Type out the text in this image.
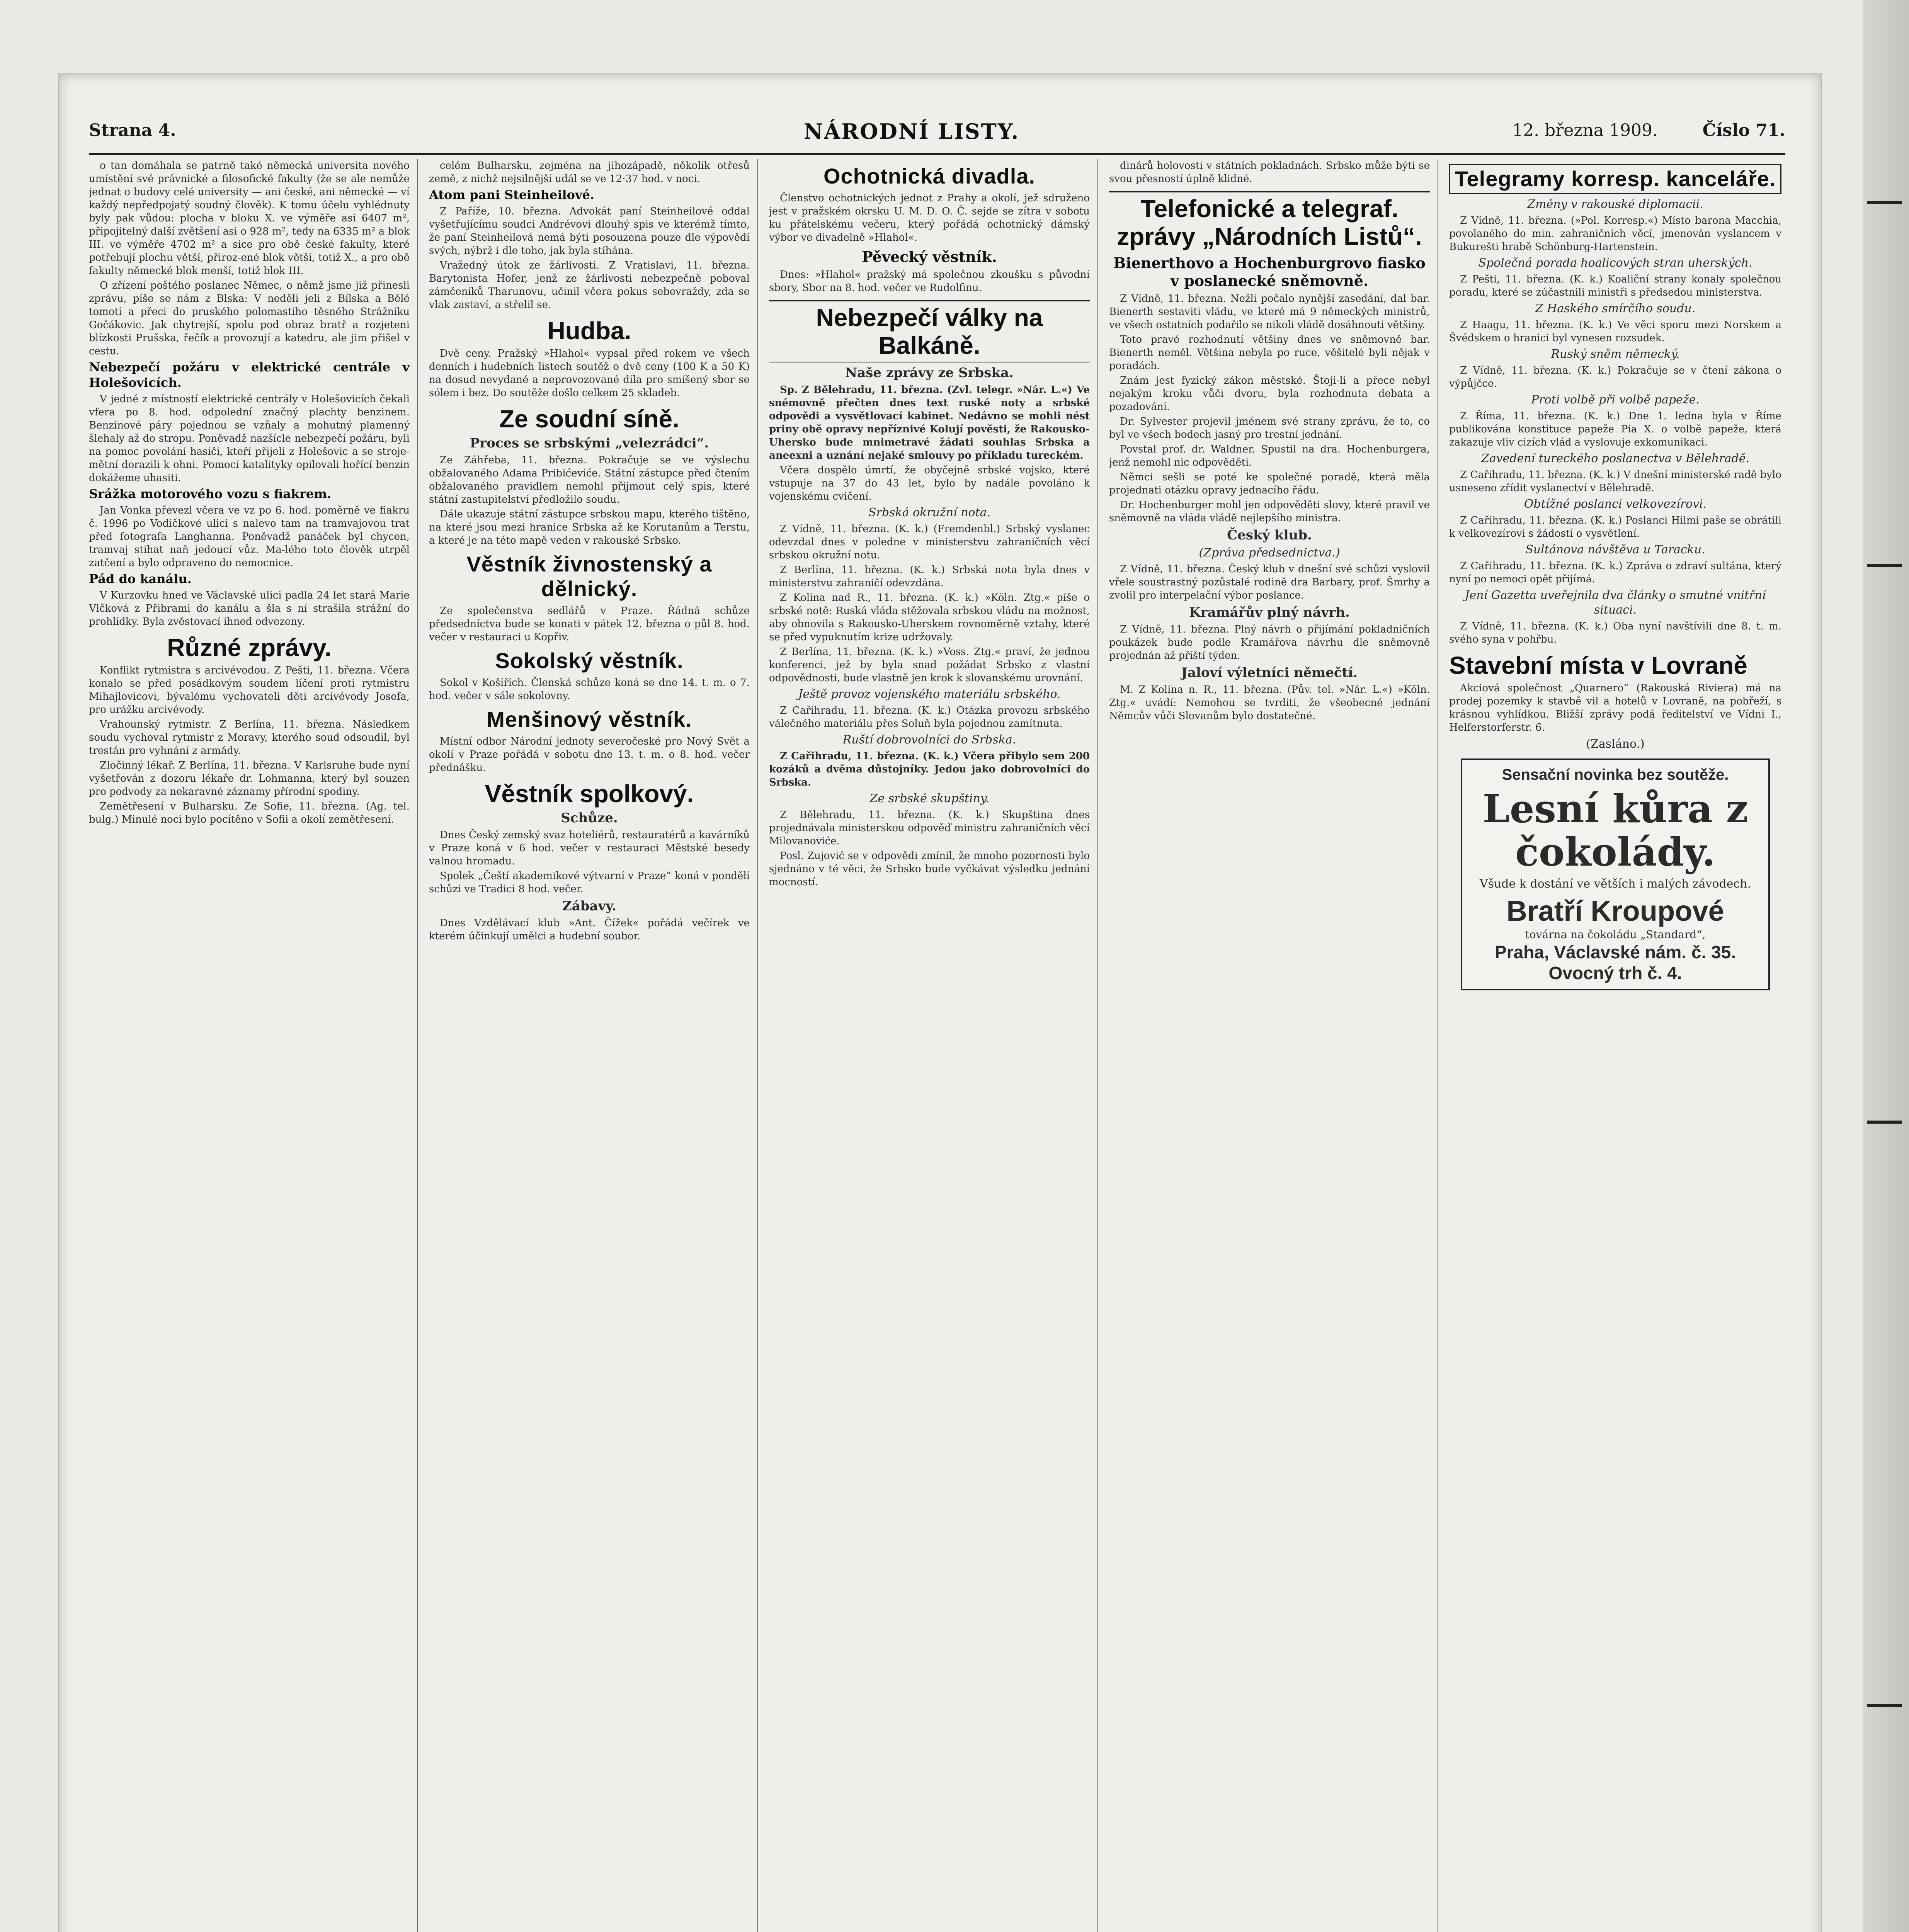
Strana 4.	NÁRODNÍ LISTY.	12. března 1909.	Číslo 71.

o tan domáhala se patrně také německá universita nového umístění své právnické a filosofické fakulty (že se ale nemůže jednat o budovy celé university — ani české, ani německé — ví každý nepředpojatý soudný člověk). K tomu účelu vyhlédnuty byly pak vůdou: plocha v bloku X. ve výměře asi 6407 m², připojitelný další zvětšení asi o 928 m², tedy na 6335 m² a blok III. ve výměře 4702 m² a sice pro obě české fakulty, které potřebují plochu větší, přiroz-ené blok větší, totiž X., a pro obě fakulty německé blok menší, totiž blok III.

O zřízení poštého poslanec Němec, o němž jsme již přinesli zprávu, píše se nám z Blska: V neděli jeli z Bílska a Bělé tomotí a přeci do pruského polomastiho těsného Strážniku Gočákovic. Jak chytrejší, spolu pod obraz bratř a rozjeteni blízkosti Prušska, řečík a provozují a katedru, ale jim přišel v cestu.

Nebezpečí požáru v elektrické centrále v Holešovicích.

V jedné z místností elektrické centrály v Holešovicích čekali vfera po 8. hod. odpolední značný plachty benzinem. Benzinové páry pojednou se vzňaly a mohutný plamenný šlehaly až do stropu. Poněvadž nazšícle nebezpečí požáru, byli na pomoc povolání hasiči, kteří přijeli z Holešovic a se stroje-mětní dorazili k ohni. Pomocí katalityky opilovali hořící benzin dokážeme uhasiti.

Srážka motorového vozu s fiakrem.

Jan Vonka převezl včera ve vz po 6. hod. poměrně ve fiakru č. 1996 po Vodičkové ulici s nalevo tam na tramvajovou trat před fotografa Langhanna. Poněvadž panáček byl chycen, tramvaj stihat naň jedoucí vůz. Ma-lého toto člověk utrpěl zatčení a bylo odpraveno do nemocnice.

Pád do kanálu.

V Kurzovku hned ve Václavské ulici padla 24 let stará Marie Vlčková z Přibrami do kanálu a šla s ní strašila strážní do prohlídky. Byla zvěstovací ihned odvezeny.

Různé zprávy.

Konflikt rytmistra s arcivévodou. Z Pešti, 11. března. Včera konalo se před posádkovým soudem líčení proti rytmistru Mihajlovicovi, bývalému vychovateli děti arcivévody Josefa, pro urážku arcivévody.

Vrahounský rytmistr. Z Berlína, 11. března. Následkem soudu vychoval rytmistr z Moravy, kterého soud odsoudil, byl trestán pro vyhnání z armády.

Zločinný lékař. Z Berlína, 11. března. V Karlsruhe bude nyní vyšetřován z dozoru lékaře dr. Lohmanna, který byl souzen pro podvody za nekaravné záznamy přírodní spodiny.

Zemětřesení v Bulharsku. Ze Sofie, 11. března. (Ag. tel. bulg.) Minulé noci bylo pocítěno v Sofii a okolí zemětřesení.

celém Bulharsku, zejména na jihozápadě, několik otřesů země, z nichž nejsilnější udál se ve 12·37 hod. v noci.

Atom pani Steinheilové.

Z Paříže, 10. března. Advokát paní Steinheilové oddal vyšetřujícímu soudci Andrévovi dlouhý spis ve kterémž tímto, že paní Steinheilová nemá býti posouzena pouze dle výpovědí svých, nýbrž i dle toho, jak byla stíhána.

Vražedný útok ze žárlivosti. Z Vratislavi, 11. března. Barytonista Hofer, jenž ze žárlivosti nebezpečně poboval zámčeníků Tharunovu, učinil včera pokus sebevraždy, zda se vlak zastaví, a střelil se.

Hudba.

Dvě ceny. Pražský »Hlahol« vypsal před rokem ve všech denních i hudebních listech soutěž o dvě ceny (100 K a 50 K) na dosud nevydané a neprovozované díla pro smíšený sbor se sólem i bez. Do soutěže došlo celkem 25 skladeb.

Ze soudní síně.
Proces se srbskými „velezrádci“.

Ze Záhřeba, 11. března. Pokračuje se ve výslechu obžalovaného Adama Pribićeviće. Státní zástupce před čtením obžalovaného pravidlem nemohl přijmout celý spis, které státní zastupitelství předložilo soudu.

Dále ukazuje státní zástupce srbskou mapu, kterého tištěno, na které jsou mezi hranice Srbska až ke Korutanům a Terstu, a které je na této mapě veden v rakouské Srbsko.

Věstník živnostenský a dělnický.

Ze společenstva sedlářů v Praze. Řádná schůze předsedníctva bude se konati v pátek 12. března o půl 8. hod. večer v restauraci u Kopřiv.

Sokolský věstník.

Sokol v Košířích. Členská schůze koná se dne 14. t. m. o 7. hod. večer v sále sokolovny.

Menšinový věstník.

Místní odbor Národní jednoty severočeské pro Nový Svět a okolí v Praze pořádá v sobotu dne 13. t. m. o 8. hod. večer přednášku.

Věstník spolkový.
Schůze.

Dnes Český zemský svaz hoteliérů, restauratérů a kavárníků v Praze koná v 6 hod. večer v restauraci Městské besedy valnou hromadu.

Spolek „Čeští akademikové výtvarní v Praze“ koná v pondělí schůzi ve Tradici 8 hod. večer.

Zábavy.

Dnes Vzdělávací klub »Ant. Čížek« pořádá večírek ve kterém účinkují umělci a hudební soubor.

Ochotnická divadla.

Členstvo ochotnických jednot z Prahy a okolí, jež sdruženo jest v pražském okrsku U. M. D. O. Č. sejde se zítra v sobotu ku přátelskému večeru, který pořádá ochotnický dámský výbor ve divadelně »Hlahol«.

Pěvecký věstník.

Dnes: »Hlahol« pražský má společnou zkoušku s původní sbory, Sbor na 8. hod. večer ve Rudolfinu.

Nebezpečí války na Balkáně.
Naše zprávy ze Srbska.

Sp. Z Bělehradu, 11. března. (Zvl. telegr. »Nár. L.«) Ve snémovně přečten dnes text ruské noty a srbské odpovědi a vysvětlovací kabinet. Nedávno se mohli nést priny obě opravy nepříznivé Kolují pověsti, že Rakousko-Uhersko bude mnimetravé žádati souhlas Srbska a aneexni a uznání nejaké smlouvy po příkladu tureckém.

Včera dospělo úmrtí, že obyčejně srbské vojsko, které vstupuje na 37 do 43 let, bylo by nadále povoláno k vojenskému cvičení.

Srbská okružní nota.

Z Vídně, 11. března. (K. k.) (Fremdenbl.) Srbský vyslanec odevzdal dnes v poledne v ministerstvu zahraničních věcí srbskou okružní notu.

Z Berlína, 11. března. (K. k.) Srbská nota byla dnes v ministerstvu zahraničí odevzdána.

Z Kolína nad R., 11. března. (K. k.) »Köln. Ztg.« píše o srbské notě: Ruská vláda stěžovala srbskou vládu na možnost, aby obnovila s Rakousko-Uherskem rovnoměrně vztahy, které se před vypuknutím krize udržovaly.

Z Berlína, 11. března. (K. k.) »Voss. Ztg.« praví, že jednou konferenci, jež by byla snad požádat Srbsko z vlastní odpovědnosti, bude vlastně jen krok k slovanskému urovnání.

Ještě provoz vojenského materiálu srbského.

Z Cařihradu, 11. března. (K. k.) Otázka provozu srbského válečného materiálu přes Soluň byla pojednou zamítnuta.

Ruští dobrovolníci do Srbska.

Z Cařihradu, 11. března. (K. k.) Včera přibylo sem 200 kozáků a dvěma důstojníky. Jedou jako dobrovolníci do Srbska.

Ze srbské skupštiny.

Z Bělehradu, 11. března. (K. k.) Skupština dnes projednávala ministerskou odpověď ministru zahraničních věcí Milovanoviće.

Posl. Zujović se v odpovědi zmínil, že mnoho pozornosti bylo sjednáno v té věci, že Srbsko bude vyčkávat výsledku jednání mocností.

dinárů holovosti v státních pokladnách. Srbsko může býti se svou přesností úplně klidné.

Telefonické a telegraf. zprávy „Národních Listů“.
Bienerthovo a Hochenburgrovo fiasko v poslanecké sněmovně.

Z Vídně, 11. března. Nežli počalo nynější zasedání, dal bar. Bienerth sestaviti vládu, ve které má 9 německých ministrů, ve všech ostatních podařilo se nikoli vládě dosáhnouti většiny.

Toto pravé rozhodnutí většiny dnes ve sněmovně bar. Bienerth neměl. Většina nebyla po ruce, věšitelé byli nějak v poradách.

Znám jest fyzický zákon městské. Štoji-li a přece nebyl nejakým kroku vůči dvoru, byla rozhodnuta debata a pozadování.

Dr. Sylvester projevil jménem své strany zprávu, že to, co byl ve všech bodech jasný pro trestní jednání.

Povstal prof. dr. Waldner. Spustil na dra. Hochenburgera, jenž nemohl nic odpověděti.

Němci sešli se poté ke společné poradě, která měla projednati otázku opravy jednacího řádu.

Dr. Hochenburger mohl jen odpověděti slovy, které pravil ve sněmovně na vláda vládě nejlepšího ministra.

Český klub.
(Zpráva předsednictva.)

Z Vídně, 11. března. Český klub v dnešní své schůzi vyslovil vřele soustrastný pozůstalé rodině dra Barbary, prof. Šmrhy a zvolil pro interpelační výbor poslance.

Kramářův plný návrh.

Z Vídně, 11. března. Plný návrh o přijímání pokladničních poukázek bude podle Kramářova návrhu dle sněmovně projednán až příští týden.

Jaloví výletníci němečtí.

M. Z Kolína n. R., 11. března. (Pův. tel. »Nár. L.«) »Köln. Ztg.« uvádí: Nemohou se tvrditi, že všeobecné jednání Němcův vůči Slovanům bylo dostatečné.

Telegramy korresp. kanceláře.
Změny v rakouské diplomacii.

Z Vídně, 11. března. (»Pol. Korresp.«) Místo barona Macchia, povolaného do min. zahraničních věcí, jmenován vyslancem v Bukurešti hrabě Schönburg-Hartenstein.

Společná porada hoalicových stran uherských.

Z Pešti, 11. března. (K. k.) Koaliční strany konaly společnou poradu, které se zúčastnili ministři s předsedou ministerstva.

Z Haského smírčího soudu.

Z Haagu, 11. března. (K. k.) Ve věci sporu mezi Norskem a Švédskem o hranici byl vynesen rozsudek.

Ruský sněm německý.

Z Vídně, 11. března. (K. k.) Pokračuje se v čtení zákona o výpůjčce.

Proti volbě při volbě papeže.

Z Říma, 11. března. (K. k.) Dne 1. ledna byla v Říme publikována konstituce papeže Pia X. o volbě papeže, která zakazuje vliv cizích vlád a vyslovuje exkomunikaci.

Zavedení tureckého poslanectva v Bělehradě.

Z Cařihradu, 11. března. (K. k.) V dnešní ministerské radě bylo usneseno zřídit vyslanectví v Bělehradě.

Obtížné poslanci velkovezírovi.

Z Cařihradu, 11. března. (K. k.) Poslanci Hilmi paše se obrátili k velkovezírovi s žádostí o vysvětlení.

Sultánova návštěva u Taracku.

Z Cařihradu, 11. března. (K. k.) Zpráva o zdraví sultána, který nyní po nemoci opět přijímá.

Jení Gazetta uveřejnila dva články o smutné vnitřní situaci.

Z Vídně, 11. března. (K. k.) Oba nyní navštívili dne 8. t. m. svého syna v pohřbu.

Stavební místa v Lovraně

Akciová společnost „Quarnero“ (Rakouská Riviera) má na prodej pozemky k stavbě vil a hotelů v Lovraně, na pobřeží, s krásnou vyhlídkou. Bližší zprávy podá ředitelství ve Vídni I., Helferstorferstr. 6.

(Zasláno.)
Sensační novinka bez soutěže.
Lesní kůra z čokolády.
Všude k dostání ve větších i malých závodech.
Bratří Kroupové
továrna na čokoládu „Standard“,
Praha, Václavské nám. č. 35. Ovocný trh č. 4.
